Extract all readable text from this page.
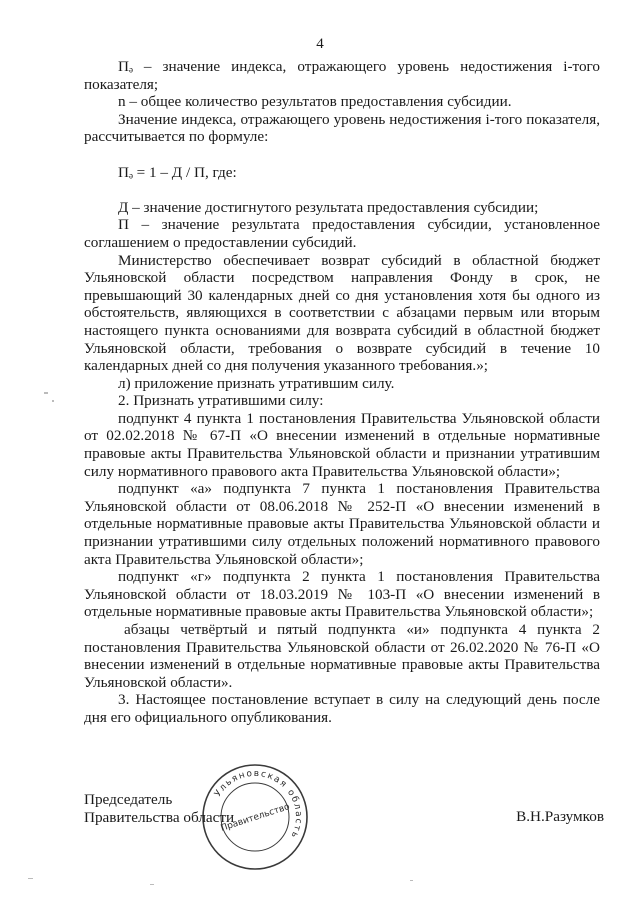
4

Пₔ – значение индекса, отражающего уровень недостижения i-того показателя;

n – общее количество результатов предоставления субсидии.

Значение индекса, отражающего уровень недостижения i-того показателя, рассчитывается по формуле:

Пₔ = 1 – Д / П, где:

Д – значение достигнутого результата предоставления субсидии;

П – значение результата предоставления субсидии, установленное соглашением о предоставлении субсидий.

Министерство обеспечивает возврат субсидий в областной бюджет Ульяновской области посредством направления Фонду в срок, не превышающий 30 календарных дней со дня установления хотя бы одного из обстоятельств, являющихся в соответствии с абзацами первым или вторым настоящего пункта основаниями для возврата субсидий в областной бюджет Ульяновской области, требования о возврате субсидий в течение 10 календарных дней со дня получения указанного требования.»;

л) приложение признать утратившим силу.

2. Признать утратившими силу:

подпункт 4 пункта 1 постановления Правительства Ульяновской области от 02.02.2018 № 67-П «О внесении изменений в отдельные нормативные правовые акты Правительства Ульяновской области и признании утратившим силу нормативного правового акта Правительства Ульяновской области»;

подпункт «а» подпункта 7 пункта 1 постановления Правительства Ульяновской области от 08.06.2018 № 252-П «О внесении изменений в отдельные нормативные правовые акты Правительства Ульяновской области и признании утратившими силу отдельных положений нормативного правового акта Правительства Ульяновской области»;

подпункт «г» подпункта 2 пункта 1 постановления Правительства Ульяновской области от 18.03.2019 № 103-П «О внесении изменений в отдельные нормативные правовые акты Правительства Ульяновской области»;

абзацы четвёртый и пятый подпункта «и» подпункта 4 пункта 2 постановления Правительства Ульяновской области от 26.02.2020 № 76-П «О внесении изменений в отдельные нормативные правовые акты Правительства Ульяновской области».

3. Настоящее постановление вступает в силу на следующий день после дня его официального опубликования.

Ульяновская область
Правительство
Председатель
Правительства области	В.Н.Разумков
